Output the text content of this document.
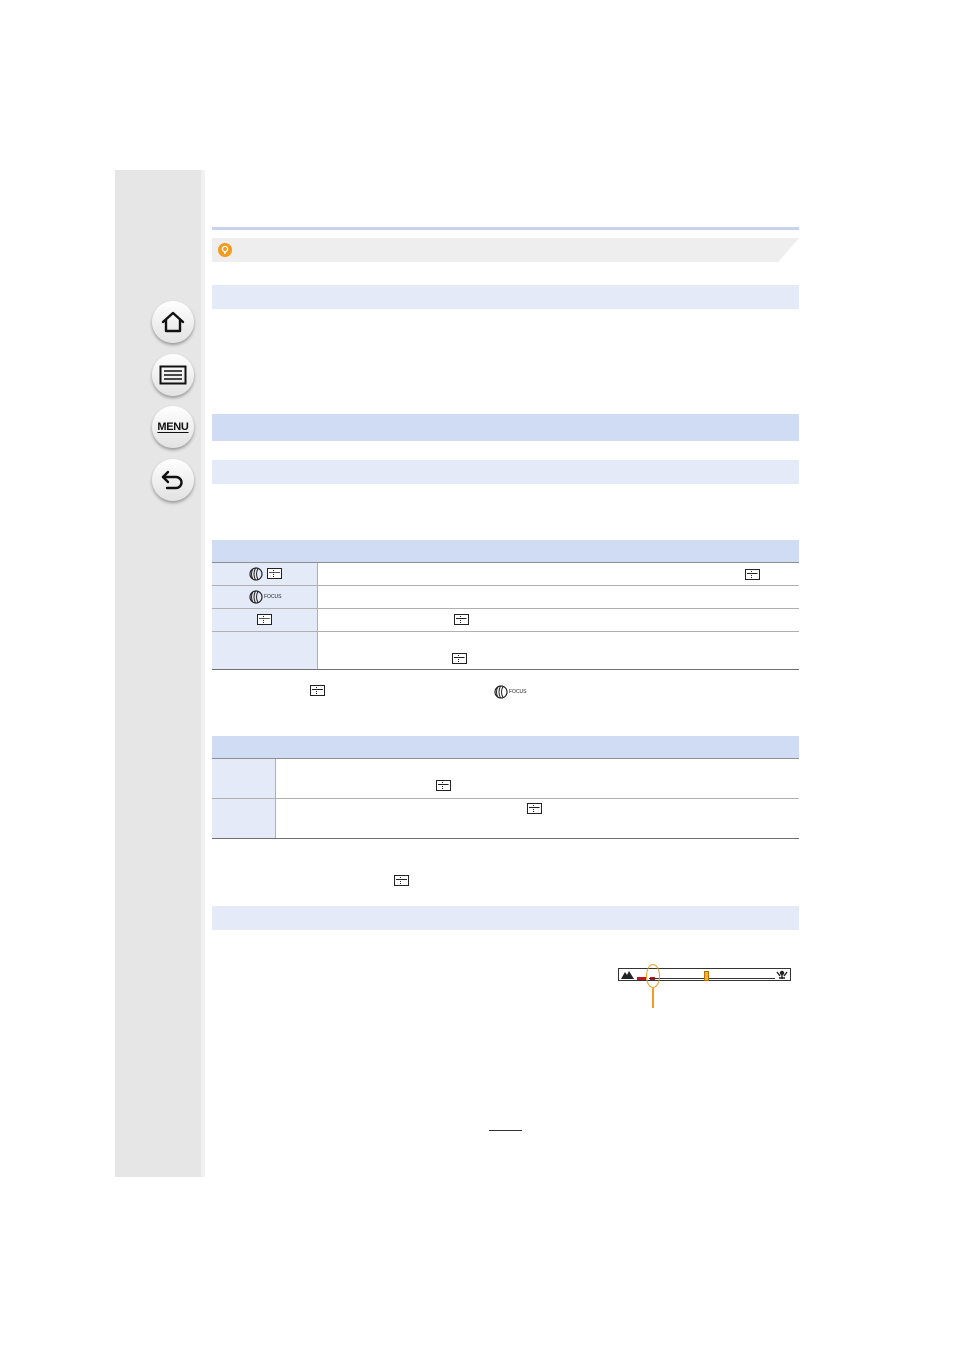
MENU

FOCUS	

FOCUS
